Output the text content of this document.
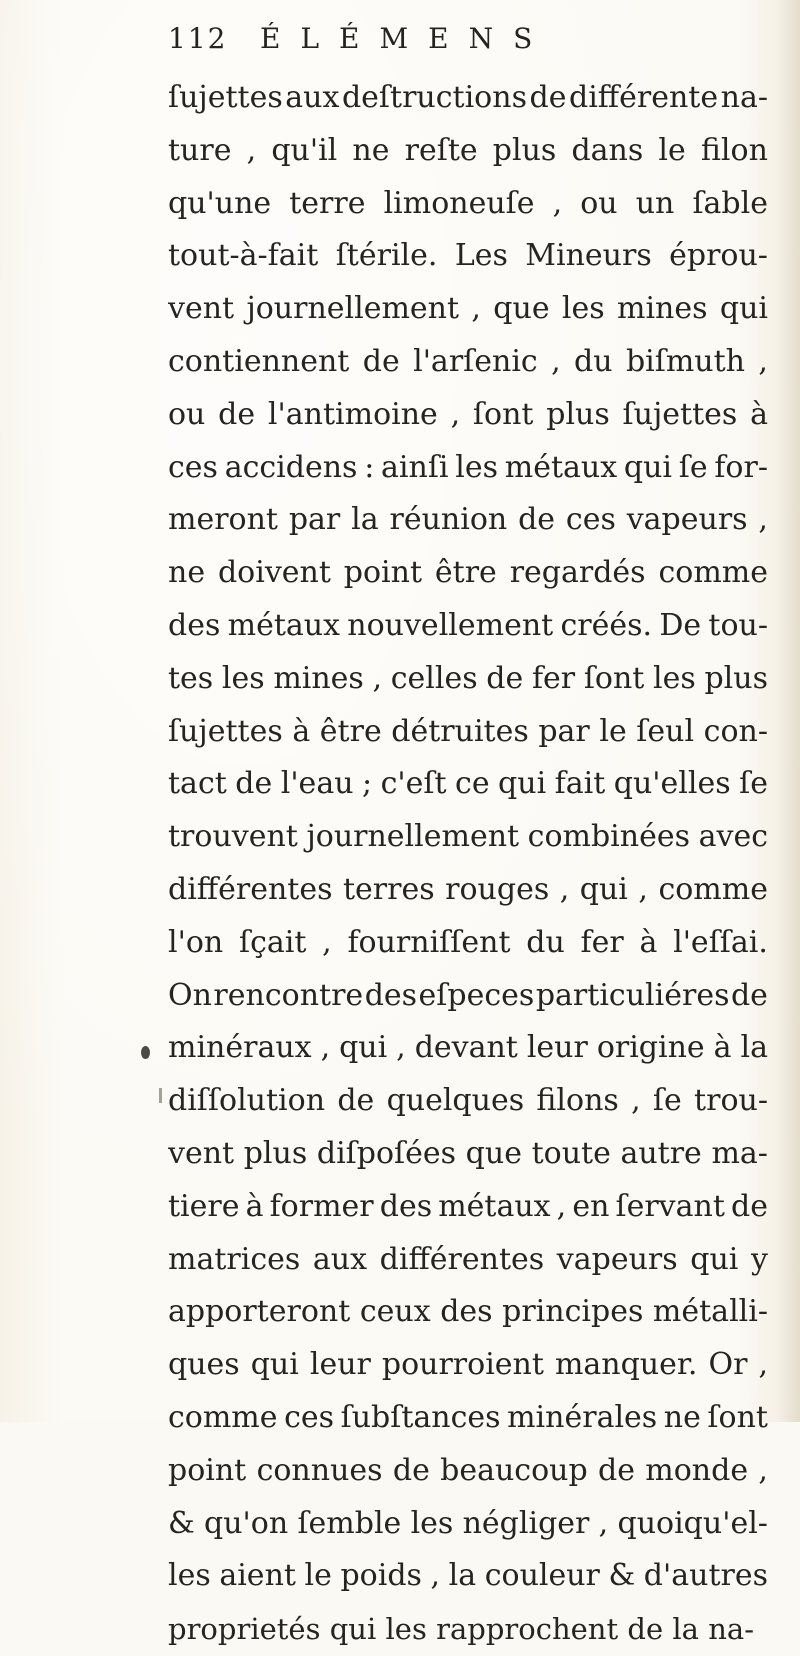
112 ÉLÉMENS
ſujettes aux deſtructions de différente na-
ture , qu'il ne reſte plus dans le filon
qu'une terre limoneuſe , ou un ſable
tout-à-fait ſtérile. Les Mineurs éprou-
vent journellement , que les mines qui
contiennent de l'arſenic , du biſmuth ,
ou de l'antimoine , ſont plus ſujettes à
ces accidens : ainſi les métaux qui ſe for-
meront par la réunion de ces vapeurs ,
ne doivent point être regardés comme
des métaux nouvellement créés. De tou-
tes les mines , celles de fer ſont les plus
ſujettes à être détruites par le ſeul con-
tact de l'eau ; c'eſt ce qui fait qu'elles ſe
trouvent journellement combinées avec
différentes terres rouges , qui , comme
l'on ſçait , fourniſſent du fer à l'eſſai.
On rencontre des eſpeces particuliéres de
minéraux , qui , devant leur origine à la
diſſolution de quelques filons , ſe trou-
vent plus diſpoſées que toute autre ma-
tiere à former des métaux , en ſervant de
matrices aux différentes vapeurs qui y
apporteront ceux des principes métalli-
ques qui leur pourroient manquer. Or ,
comme ces ſubſtances minérales ne ſont
point connues de beaucoup de monde ,
& qu'on ſemble les négliger , quoiqu'el-
les aient le poids , la couleur & d'autres
proprietés qui les rapprochent de la na-
